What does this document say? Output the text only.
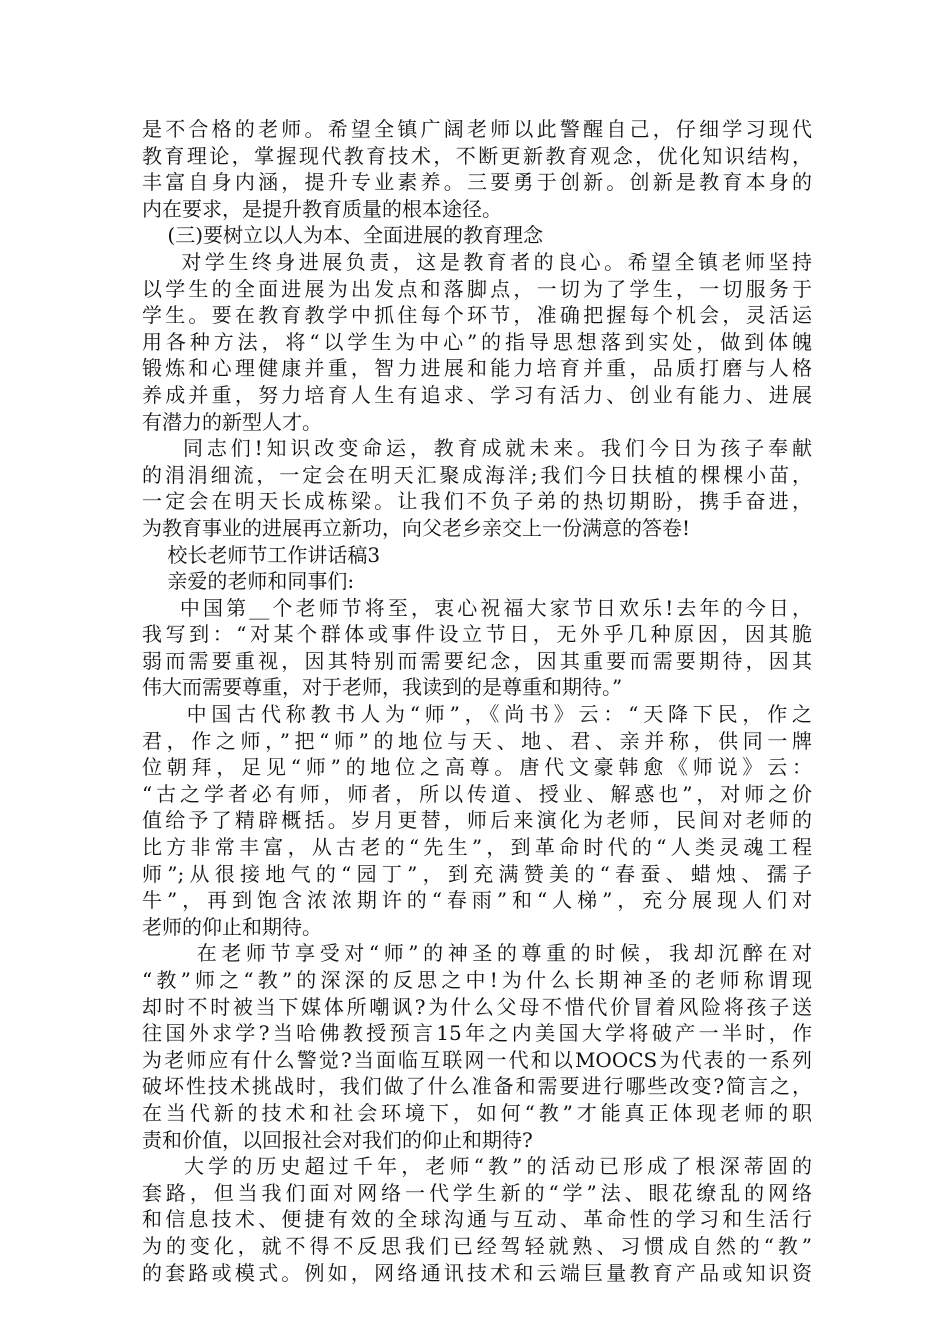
是不合格的老师。希望全镇广阔老师以此警醒自己，仔细学习现代
教育理论，掌握现代教育技术，不断更新教育观念，优化知识结构，
丰富自身内涵，提升专业素养。三要勇于创新。创新是教育本身的
内在要求，是提升教育质量的根本途径。
(三)要树立以人为本、全面进展的教育理念
对学生终身进展负责，这是教育者的良心。希望全镇老师坚持
以学生的全面进展为出发点和落脚点，一切为了学生，一切服务于
学生。要在教育教学中抓住每个环节，准确把握每个机会，灵活运
用各种方法，将“以学生为中心”的指导思想落到实处，做到体魄
锻炼和心理健康并重，智力进展和能力培育并重，品质打磨与人格
养成并重，努力培育人生有追求、学习有活力、创业有能力、进展
有潜力的新型人才。
同志们!知识改变命运，教育成就未来。我们今日为孩子奉献
的涓涓细流，一定会在明天汇聚成海洋;我们今日扶植的棵棵小苗，
一定会在明天长成栋梁。让我们不负子弟的热切期盼，携手奋进，
为教育事业的进展再立新功，向父老乡亲交上一份满意的答卷!
校长老师节工作讲话稿3
亲爱的老师和同事们:
中国第__个老师节将至，衷心祝福大家节日欢乐!去年的今日，
我写到：“对某个群体或事件设立节日，无外乎几种原因，因其脆
弱而需要重视，因其特别而需要纪念，因其重要而需要期待，因其
伟大而需要尊重，对于老师，我读到的是尊重和期待。”
中国古代称教书人为“师”，《尚书》云：“天降下民，作之
君，作之师，”把“师”的地位与天、地、君、亲并称，供同一牌
位朝拜，足见“师”的地位之高尊。唐代文豪韩愈《师说》云：
“古之学者必有师，师者，所以传道、授业、解惑也”，对师之价
值给予了精辟概括。岁月更替，师后来演化为老师，民间对老师的
比方非常丰富，从古老的“先生”，到革命时代的“人类灵魂工程
师”;从很接地气的“园丁”，到充满赞美的“春蚕、蜡烛、孺子
牛”，再到饱含浓浓期许的“春雨”和“人梯”，充分展现人们对
老师的仰止和期待。
在老师节享受对“师”的神圣的尊重的时候，我却沉醉在对
“教”师之“教”的深深的反思之中!为什么长期神圣的老师称谓现
却时不时被当下媒体所嘲讽?为什么父母不惜代价冒着风险将孩子送
往国外求学?当哈佛教授预言15年之内美国大学将破产一半时，作
为老师应有什么警觉?当面临互联网一代和以MOOCS为代表的一系列
破坏性技术挑战时，我们做了什么准备和需要进行哪些改变?简言之，
在当代新的技术和社会环境下，如何“教”才能真正体现老师的职
责和价值，以回报社会对我们的仰止和期待?
大学的历史超过千年，老师“教”的活动已形成了根深蒂固的
套路，但当我们面对网络一代学生新的“学”法、眼花缭乱的网络
和信息技术、便捷有效的全球沟通与互动、革命性的学习和生活行
为的变化，就不得不反思我们已经驾轻就熟、习惯成自然的“教”
的套路或模式。例如，网络通讯技术和云端巨量教育产品或知识资
